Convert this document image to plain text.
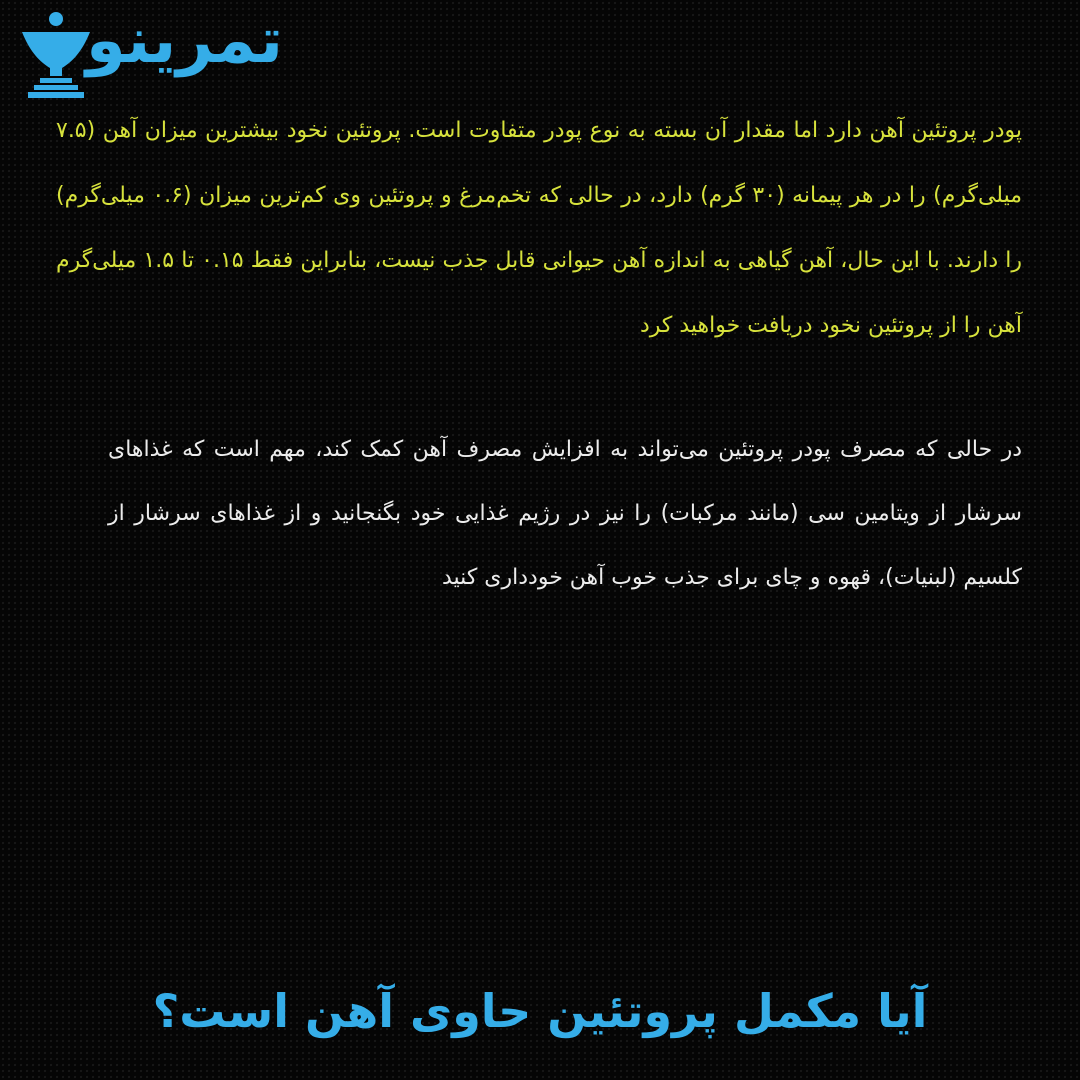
تمرینو

پودر پروتئین آهن دارد اما مقدار آن بسته به نوع پودر متفاوت است. پروتئین نخود بیشترین میزان آهن (۷.۵ میلی‌گرم) را در هر پیمانه (۳۰ گرم) دارد، در حالی که تخم‌مرغ و پروتئین وی کم‌ترین میزان (۰.۶ میلی‌گرم) را دارند. با این حال، آهن گیاهی به اندازه آهن حیوانی قابل جذب نیست، بنابراین فقط ۰.۱۵ تا ۱.۵ میلی‌گرم آهن را از پروتئین نخود دریافت خواهید کرد

در حالی که مصرف پودر پروتئین می‌تواند به افزایش مصرف آهن کمک کند، مهم است که غذاهای سرشار از ویتامین سی (مانند مرکبات) را نیز در رژیم غذایی خود بگنجانید و از غذاهای سرشار از کلسیم (لبنیات)، قهوه و چای برای جذب خوب آهن خودداری کنید

آیا مکمل پروتئین حاوی آهن است؟
